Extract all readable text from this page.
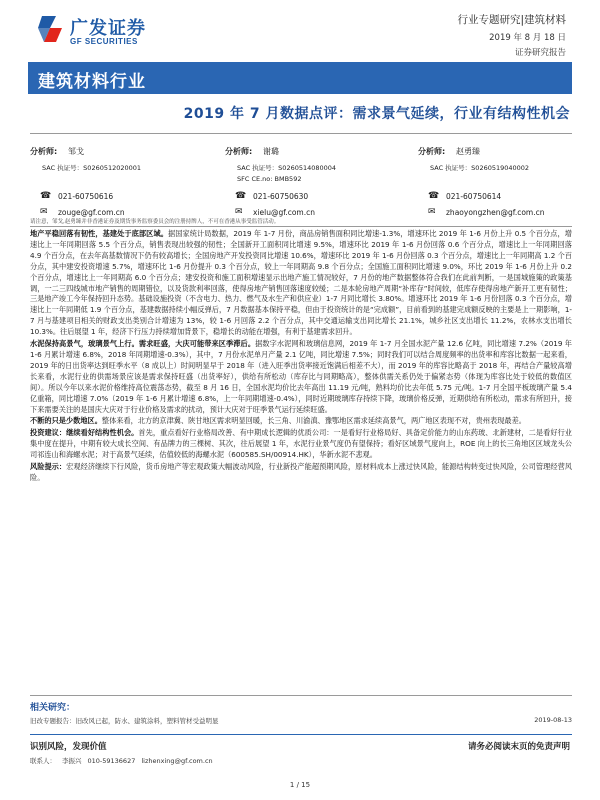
广发证券
GF SECURITIES
行业专题研究|建筑材料
2019 年 8 月 18 日
证券研究报告
建筑材料行业
2019 年 7 月数据点评：需求景气延续，行业有结构性机会
分析师: 邹戈
SAC 执证号：S0260512020001
☎ 021-60750616
✉ zouge@gf.com.cn
分析师: 谢璐
SAC 执证号：S0260514080004
SFC CE.no: BMB592
☎ 021-60750630
✉ xielu@gf.com.cn
分析师: 赵勇臻
SAC 执证号：S0260519040002
☎ 021-60750614
✉ zhaoyongzhen@gf.com.cn
请注意，邹戈,赵勇臻并非香港证券及期货事务监察委员会的注册持牌人，不可在香港从事受监管活动。

地产平稳回落有韧性，基建处于底部区域。据国家统计局数据，2019 年 1-7 月份，商品房销售面积同比增速-1.3%，增速环比 2019 年 1-6 月份上升 0.5 个百分点，增速比上一年同期回落 5.5 个百分点，销售表现出较强的韧性；全国新开工面积同比增速 9.5%，增速环比 2019 年 1-6 月份回落 0.6 个百分点，增速比上一年同期回落 4.9 个百分点，在去年高基数情况下仍有较高增长；全国房地产开发投资同比增速 10.6%，增速环比 2019 年 1-6 月份回落 0.3 个百分点，增速比上一年同期高 1.2 个百分点，其中建安投资增速 5.7%，增速环比 1-6 月份提升 0.3 个百分点，较上一年同期高 9.8 个百分点；全国施工面积同比增速 9.0%，环比 2019 年 1-6 月份上升 0.2 个百分点，增速比上一年同期高 6.0 个百分点；建安投资和施工面积增速显示出地产施工情况较好，7 月份的地产数据整体符合我们在此前判断，一是国城施策的政策基调，一二三四线城市地产销售的周期错位，以及货款利率回落，使得房地产销售回落速度较缓；二是本轮房地产周期“补库存”时间较，低库存使得房地产新开工更有韧性；三是地产竣工今年保持回升态势。基础设施投资（不含电力、热力、燃气及水生产和供应业）1-7 月同比增长 3.80%。增速环比 2019 年 1-6 月份回落 0.3 个百分点，增速比上一年同期低 1.9 个百分点，基建数据持续小幅反弹后，7 月数据基本保持平稳，但由于投资统计的是“完成额”，目前看到的基建完成额反映的主要是上一期影响，1-7 月与基建项目相关的财政支出类别合计增速为 13%，较 1-6 月回落 2.2 个百分点，其中交通运输支出同比增长 21.1%，城乡社区支出增长 11.2%，农林水支出增长 10.3%。往后展望 1 年，经济下行压力持续增加背景下，稳增长的动能在增强，有利于基建需求回升。

水泥保持高景气，玻璃景气上行。需求旺盛，大庆可能带来区季滞后。据数字水泥网和玻璃信息网，2019 年 1-7 月全国水泥产量 12.6 亿吨，同比增速 7.2%（2019 年 1-6 月累计增速 6.8%，2018 年同期增速-0.3%），其中，7 月份水泥单月产量 2.1 亿吨，同比增速 7.5%；同时我们可以结合周度频率的出货率和库容比数据一起来看，2019 年的日出货率达到旺季水平（8 成以上）时间明显早于 2018 年（进入旺季出货率接近饱满后相差不大），而 2019 年的库容比略高于 2018 年，再结合产量较高增长来看，水泥行业的供需场景应该是需求保持旺盛（出货率好），供给有所松动（库存比与同期略高），整体供需关系仍处于偏紧态势（体现为库容比处于较低的数值区间）。所以今年以来水泥价格维持高位震荡态势，截至 8 月 16 日，全国水泥均价比去年高出 11.19 元/吨，熟料均价比去年低 5.75 元/吨。1-7 月全国平板玻璃产量 5.4 亿重箱，同比增速 7.0%（2019 年 1-6 月累计增速 6.8%，上一年同期增速-0.4%），同时近期玻璃库存持续下降，玻璃价格反弹，近期供给有所松动，需求有所回升，接下来需要关注的是国庆大庆对于行业价格及需求的扰动，预计大庆对于旺季景气运行延续旺盛。

不断的只是少数地区。整体来看，北方的京津冀、陕甘地区需求明显回暖，长三角、川渝滇、豫鄂地区需求延续高景气，两广地区表现不对，贵州表现最差。

投资建议：继续看好结构性机会。首先，重点看好行业格局改善、有中期成长逻辑的优质公司：一是看好行业格局好、具备定价能力的山东药玻、北新建材，二是看好行业集中度在提升，中期有较大成长空间、有品牌力的三棵树、其次，往后展望 1 年，水泥行业景气度仍有望保持；看好区域景气度向上，ROE 向上的长三角地区区域龙头公司祁连山和海螺水泥；对于高景气延续，估值较低的海螺水泥（600585.SH/00914.HK），华新水泥不悲观。

风险提示：宏观经济继续下行风险，货币房地产等宏观政策大幅波动风险，行业新投产能超预期风险，原材料成本上涨过快风险，能源结构转变过快风险，公司管理经营风险。

相关研究：
旧改专题报告：旧改风已起，防水、建筑涂料，塑料管材受益明显	2019-08-13
识别风险，发现价值	请务必阅读末页的免责声明
联系人： 李振兴 010-59136627 lizhenxing@gf.com.cn
1 / 15
